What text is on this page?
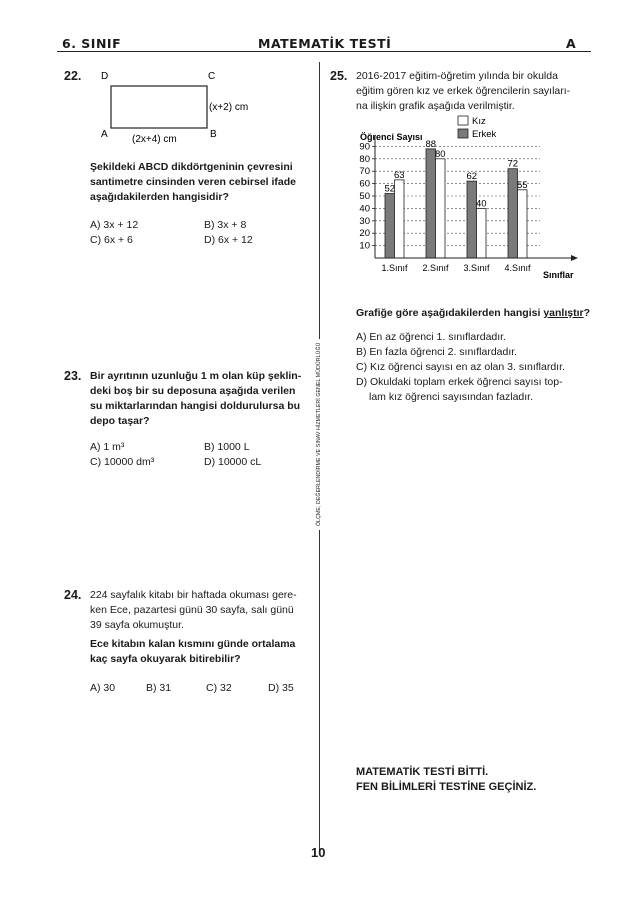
6. SINIF	MATEMATİK TESTİ	A
ÖLÇME, DEĞERLENDİRME VE SINAV HİZMETLERİ GENEL MÜDÜRLÜĞÜ
22. D	C
A	B
(x+2) cm
(2x+4) cm
Şekildeki ABCD dikdörtgeninin çevresini
santimetre cinsinden veren cebirsel ifade
aşağıdakilerden hangisidir?
A) 3x + 12	B) 3x + 8
C) 6x + 6	D) 6x + 12
23. Bir ayrıtının uzunluğu 1 m olan küp şeklin-
deki boş bir su deposuna aşağıda verilen
su miktarlarından hangisi doldurulursa bu
depo taşar?
A) 1 m³	B) 1000 L
C) 10000 dm³	D) 10000 cL
24. 224 sayfalık kitabı bir haftada okuması gere-
ken Ece, pazartesi günü 30 sayfa, salı günü
39 sayfa okumuştur.
Ece kitabın kalan kısmını günde ortalama
kaç sayfa okuyarak bitirebilir?
A) 30	B) 31	C) 32	D) 35
25. 2016-2017 eğitim-öğretim yılında bir okulda
eğitim gören kız ve erkek öğrencilerin sayıları-
na ilişkin grafik aşağıda verilmiştir.
52
63
88
80
62
40
72
55
10
20
30
40
50
60
70
80
90
1.Sınıf 2.Sınıf 3.Sınıf 4.Sınıf
Öğrenci Sayısı
Sınıflar
Kız
Erkek
Grafiğe göre aşağıdakilerden hangisi yanlıştır?
A) En az öğrenci 1. sınıflardadır.
B) En fazla öğrenci 2. sınıflardadır.
C) Kız öğrenci sayısı en az olan 3. sınıflardır.
D) Okuldaki toplam erkek öğrenci sayısı top-
lam kız öğrenci sayısından fazladır.
MATEMATİK TESTİ BİTTİ.
FEN BİLİMLERİ TESTİNE GEÇİNİZ.
10
